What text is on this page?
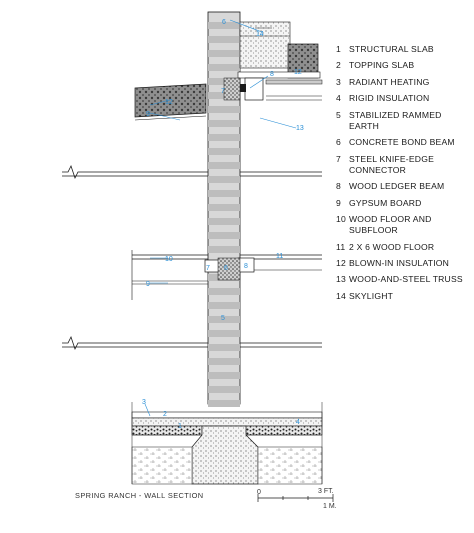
6
14
12
8
7
13
12
9
10
8
6
9
7
11
5
3
2
1
4
1 STRUCTURAL SLAB
2 TOPPING SLAB
3 RADIANT HEATING
4 RIGID INSULATION
5 STABILIZED RAMMED EARTH
6 CONCRETE BOND BEAM
7 STEEL KNIFE-EDGE CONNECTOR
8 WOOD LEDGER BEAM
9 GYPSUM BOARD
10 WOOD FLOOR AND SUBFLOOR
11 2 X 6 WOOD FLOOR
12 BLOWN-IN INSULATION
13 WOOD-AND-STEEL TRUSS
14 SKYLIGHT
SPRING RANCH - WALL SECTION	0	3 FT.
1 M.
